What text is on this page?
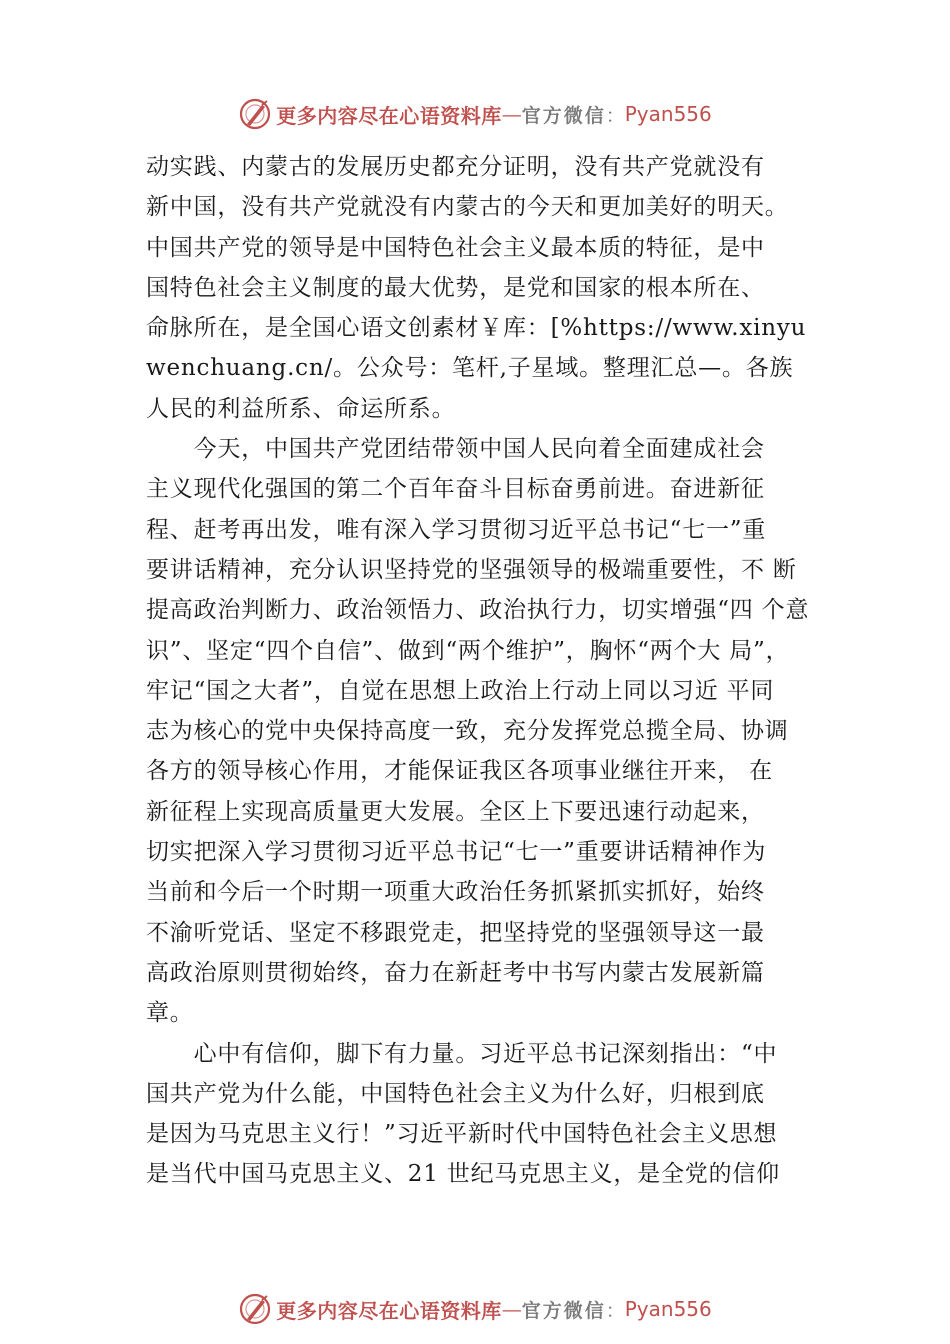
更多内容尽在心语资料库 — 官方微信 ： Pyan556
动实践、内蒙古的发展历史都充分证明，没有共产党就没有
新中国，没有共产党就没有内蒙古的今天和更加美好的明天。
中国共产党的领导是中国特色社会主义最本质的特征，是中
国特色社会主义制度的最大优势，是党和国家的根本所在、
命脉所在，是全国心语文创素材￥库：[%https://www.xinyu
wenchuang.cn/。公众号：笔杆,子星域。整理汇总—。各族
人民的利益所系、命运所系。
　　今天，中国共产党团结带领中国人民向着全面建成社会
主义现代化强国的第二个百年奋斗目标奋勇前进。奋进新征
程、赶考再出发，唯有深入学习贯彻习近平总书记“七一”重
要讲话精神，充分认识坚持党的坚强领导的极端重要性，不 断
提高政治判断力、政治领悟力、政治执行力，切实增强“四 个意
识”、坚定“四个自信”、做到“两个维护”，胸怀“两个大 局”，
牢记“国之大者”，自觉在思想上政治上行动上同以习近 平同
志为核心的党中央保持高度一致，充分发挥党总揽全局、协调
各方的领导核心作用，才能保证我区各项事业继往开来， 在
新征程上实现高质量更大发展。全区上下要迅速行动起来，
切实把深入学习贯彻习近平总书记“七一”重要讲话精神作为
当前和今后一个时期一项重大政治任务抓紧抓实抓好，始终
不渝听党话、坚定不移跟党走，把坚持党的坚强领导这一最
高政治原则贯彻始终，奋力在新赶考中书写内蒙古发展新篇
章。
　　心中有信仰，脚下有力量。习近平总书记深刻指出：“中
国共产党为什么能，中国特色社会主义为什么好，归根到底
是因为马克思主义行！”习近平新时代中国特色社会主义思想
是当代中国马克思主义、21 世纪马克思主义，是全党的信仰
更多内容尽在心语资料库 — 官方微信 ： Pyan556
